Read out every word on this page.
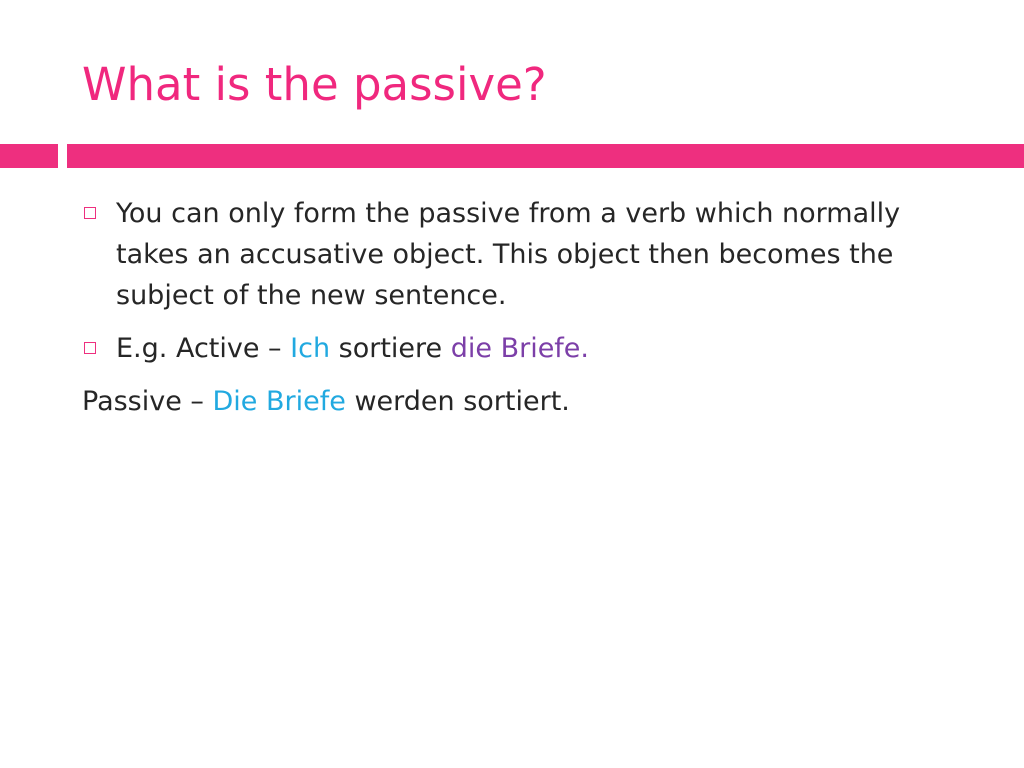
What is the passive?
You can only form the passive from a verb which normally takes an accusative object. This object then becomes the subject of the new sentence.
E.g. Active – Ich sortiere die Briefe.
Passive – Die Briefe werden sortiert.
